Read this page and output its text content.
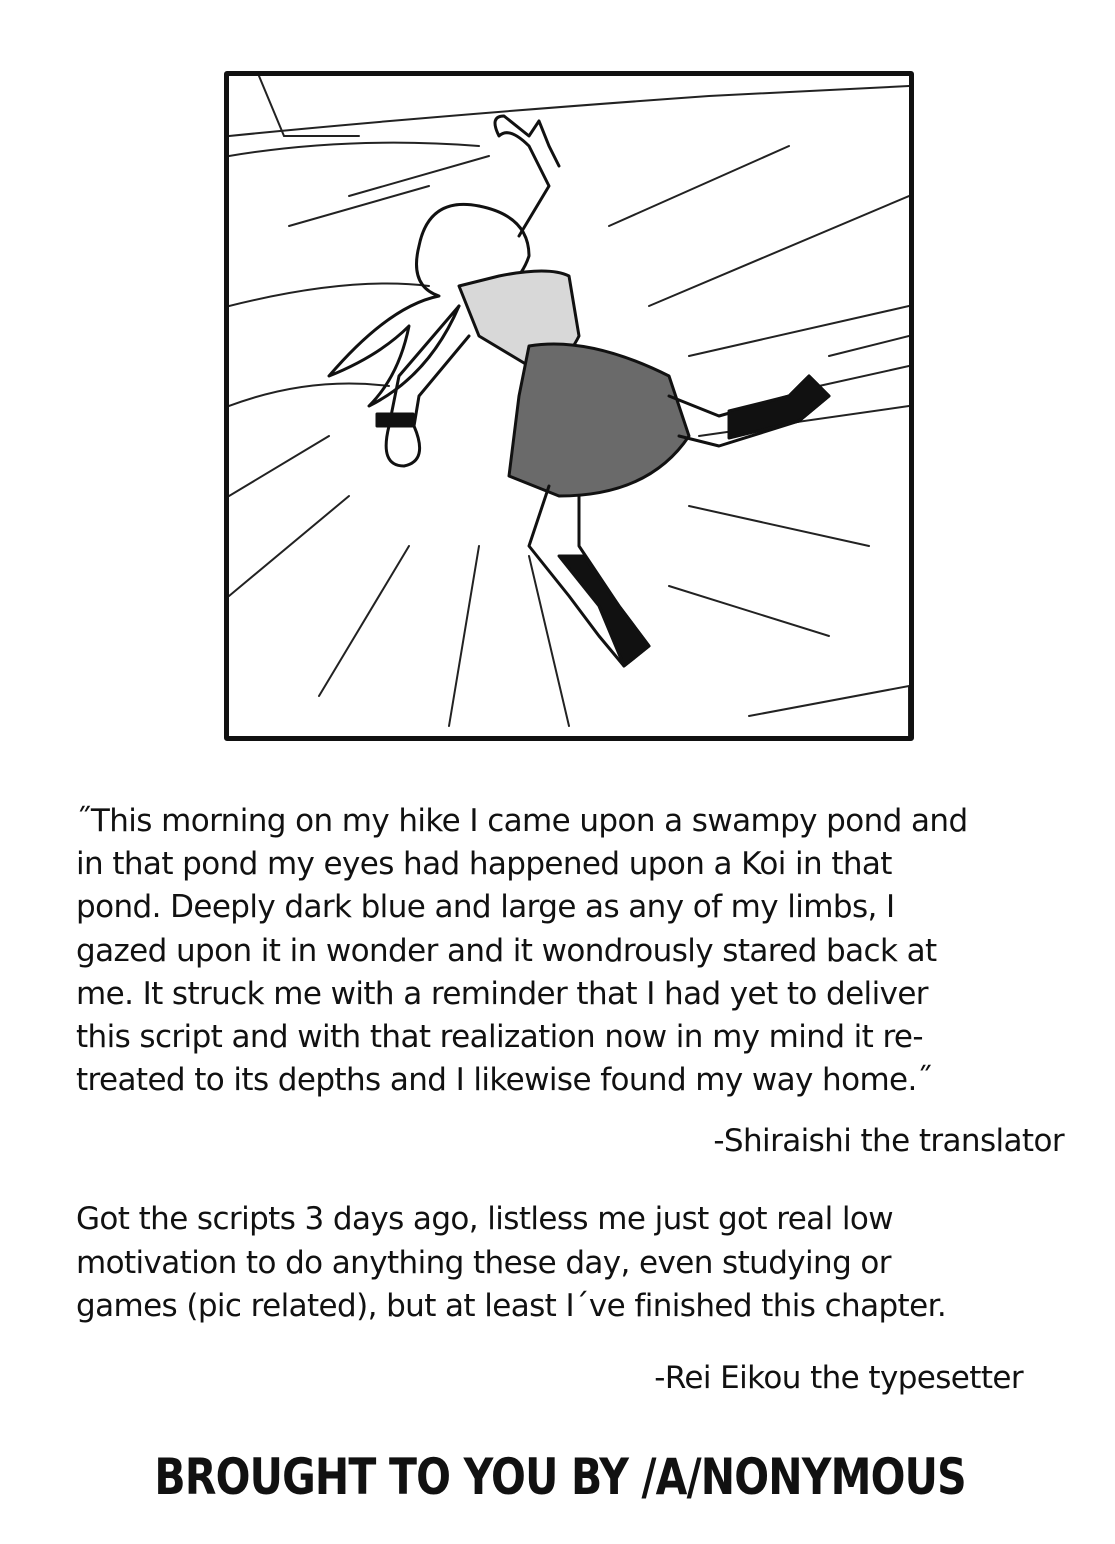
˝This morning on my hike I came upon a swampy pond and
in that pond my eyes had happened upon a Koi in that
pond. Deeply dark blue and large as any of my limbs, I
gazed upon it in wonder and it wondrously stared back at
me. It struck me with a reminder that I had yet to deliver
this script and with that realization now in my mind it re-
treated to its depths and I likewise found my way home.˝
-Shiraishi the translator
Got the scripts 3 days ago, listless me just got real low
motivation to do anything these day, even studying or
games (pic related), but at least I´ve finished this chapter.
-Rei Eikou the typesetter
BROUGHT TO YOU BY /A/NONYMOUS
